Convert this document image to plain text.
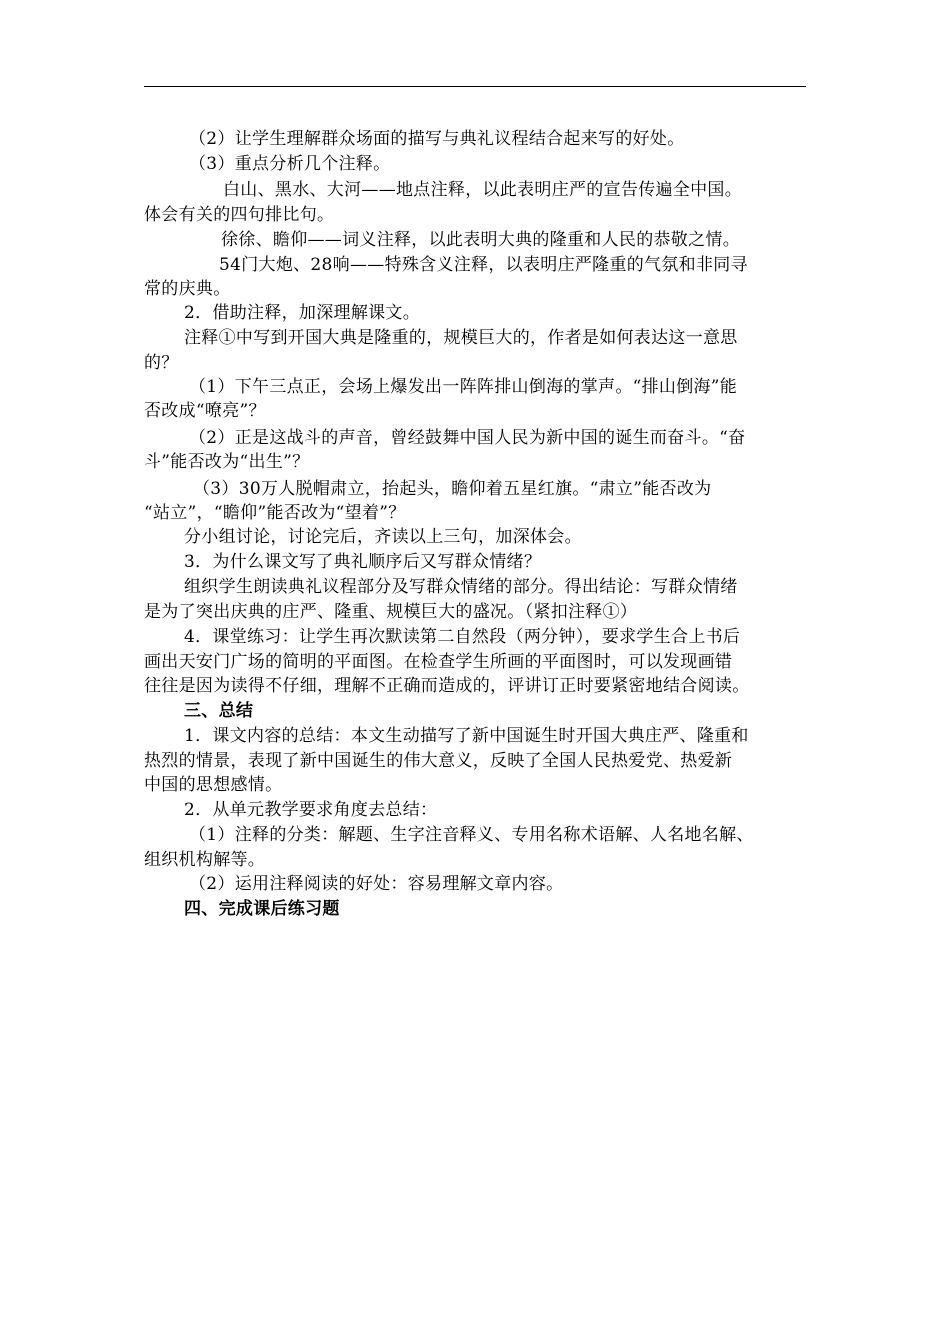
（2）让学生理解群众场面的描写与典礼议程结合起来写的好处。
（3）重点分析几个注释。
白山、黑水、大河——地点注释，以此表明庄严的宣告传遍全中国。
体会有关的四句排比句。
徐徐、瞻仰——词义注释，以此表明大典的隆重和人民的恭敬之情。
54门大炮、28响——特殊含义注释，以表明庄严隆重的气氛和非同寻
常的庆典。
2．借助注释，加深理解课文。
注释①中写到开国大典是隆重的，规模巨大的，作者是如何表达这一意思
的？
（1）下午三点正，会场上爆发出一阵阵排山倒海的掌声。“排山倒海”能
否改成“嘹亮”？
（2）正是这战斗的声音，曾经鼓舞中国人民为新中国的诞生而奋斗。“奋
斗”能否改为“出生”？
（3）30万人脱帽肃立，抬起头，瞻仰着五星红旗。“肃立”能否改为
“站立”，“瞻仰”能否改为“望着”？
分小组讨论，讨论完后，齐读以上三句，加深体会。
3．为什么课文写了典礼顺序后又写群众情绪？
组织学生朗读典礼议程部分及写群众情绪的部分。得出结论：写群众情绪
是为了突出庆典的庄严、隆重、规模巨大的盛况。（紧扣注释①）
4．课堂练习：让学生再次默读第二自然段（两分钟），要求学生合上书后
画出天安门广场的简明的平面图。在检查学生所画的平面图时，可以发现画错
往往是因为读得不仔细，理解不正确而造成的，评讲订正时要紧密地结合阅读。
三、总结
1．课文内容的总结：本文生动描写了新中国诞生时开国大典庄严、隆重和
热烈的情景，表现了新中国诞生的伟大意义，反映了全国人民热爱党、热爱新
中国的思想感情。
2．从单元教学要求角度去总结：
（1）注释的分类：解题、生字注音释义、专用名称术语解、人名地名解、
组织机构解等。
（2）运用注释阅读的好处：容易理解文章内容。
四、完成课后练习题
